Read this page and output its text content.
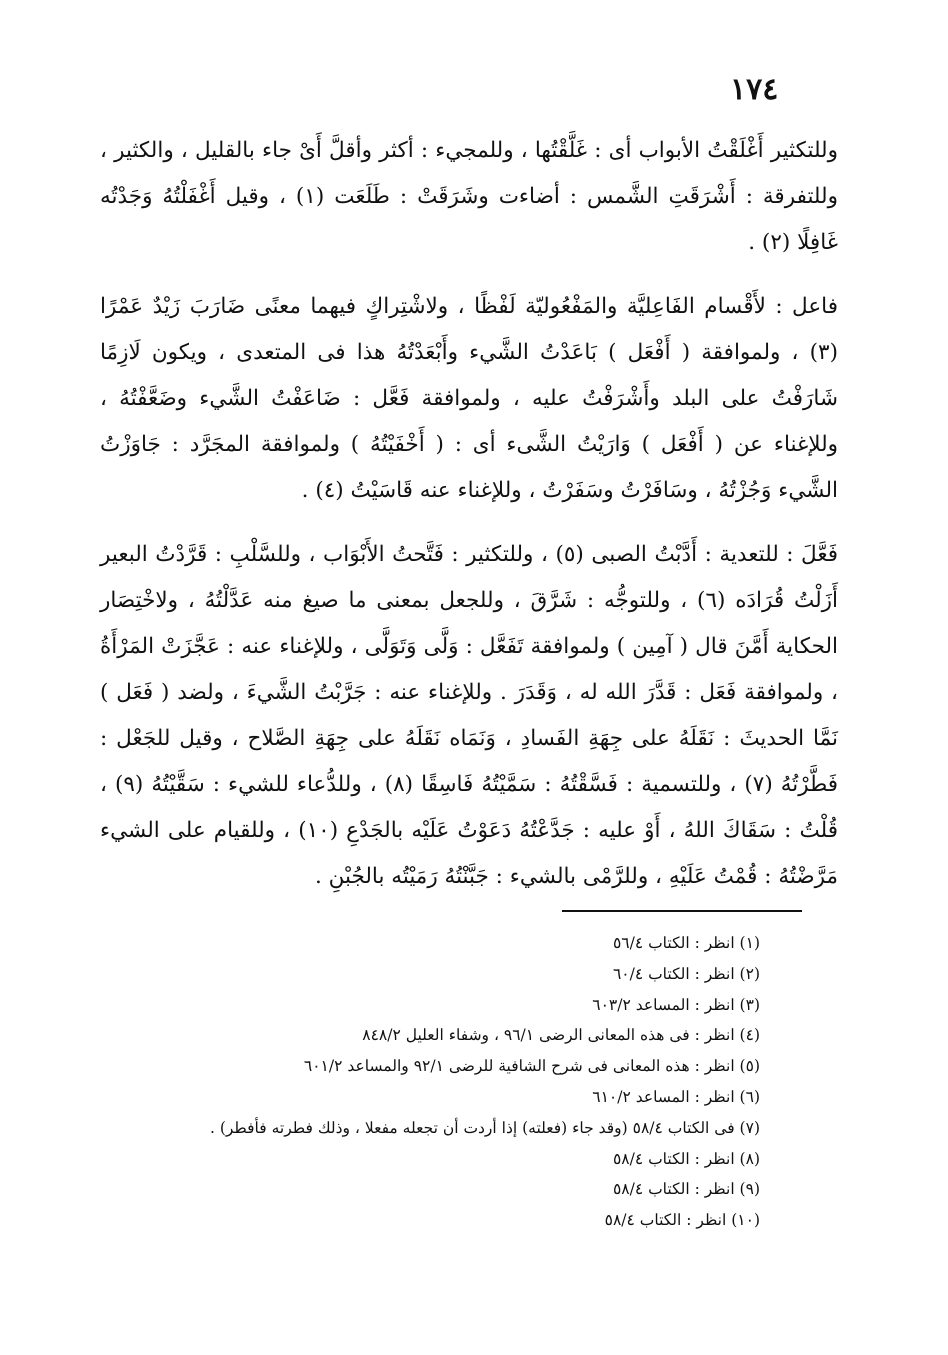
١٧٤

وللتكثير أَغْلَقْتُ الأبواب أى : غَلَّقْتُها ، وللمجيء : أكثر وأقلَّ أَىْ جاء بالقليل ، والكثير ، وللتفرقة : أَشْرَقَتِ الشَّمس : أضاءت وشَرَقَتْ : طَلَعَت (١) ، وقيل أَغْفَلْتُهُ وَجَدْتُه غَافِلًا (٢) .

فاعل : لأَقْسام الفَاعِليَّة والمَفْعُوليّة لَفْظًا ، ولاشْتِراكٍ فيهما معنًى ضَارَبَ زَيْدٌ عَمْرًا (٣) ، ولموافقة ( أَفْعَل ) بَاعَدْتُ الشَّيء وأَبْعَدْتُهُ هذا فى المتعدى ، ويكون لَازِمًا شَارَفْتُ على البلد وأَشْرَفْتُ عليه ، ولموافقة فَعَّل : ضَاعَفْتُ الشَّيء وضَعَّفْتُهُ ، وللإغناء عن ( أَفْعَل ) وَارَيْتُ الشَّىء أى : ( أَخْفَيْتُهُ ) ولموافقة المجَرَّد : جَاوَزْتُ الشَّيء وَجُزْتُهُ ، وسَافَرْتُ وسَفَرْتُ ، وللإغناء عنه قَاسَيْتُ (٤) .

فَعَّلَ : للتعدية : أَدَّبْتُ الصبى (٥) ، وللتكثير : فَتَّحتُ الأَبْوَاب ، وللسَّلْبِ : قَرَّدْتُ البعير أَزَلْتُ قُرَادَه (٦) ، وللتوجُّه : شَرَّقَ ، وللجعل بمعنى ما صيغ منه عَدَّلْتُهُ ، ولاخْتِصَار الحكاية أَمَّنَ قال ( آمِين ) ولموافقة تَفَعَّل : وَلَّى وَتَوَلَّى ، وللإغناء عنه : عَجَّزَتْ المَرْأَةُ ، ولموافقة فَعَل : قَدَّرَ الله له ، وَقَدَرَ . وللإغناء عنه : جَرَّبْتُ الشَّيءَ ، ولضد ( فَعَل ) نَمَّا الحديثَ : نَقَلَهُ على جِهَةِ الفَسادِ ، وَنَمَاه نَقَلَهُ على جِهَةِ الصَّلاح ، وقيل للجَعْل : فَطَّرْتُهُ (٧) ، وللتسمية : فَسَّقْتُهُ : سَمَّيْتُهُ فَاسِقًا (٨) ، وللدُّعاء للشيء : سَقَّيْتُهُ (٩) ، قُلْتُ : سَقَاكَ اللهُ ، أَوْ عليه : جَدَّعْتُهُ دَعَوْتُ عَلَيْه بالجَدْعِ (١٠) ، وللقيام على الشيء مَرَّضْتُهُ : قُمْتُ عَلَيْهِ ، وللرَّمْى بالشيء : جَبَّنْتُهُ رَمَيْتُه بالجُبْنِ .

(١) انظر : الكتاب ٥٦/٤
(٢) انظر : الكتاب ٦٠/٤
(٣) انظر : المساعد ٦٠٣/٢
(٤) انظر : فى هذه المعانى الرضى ٩٦/١ ، وشفاء العليل ٨٤٨/٢
(٥) انظر : هذه المعانى فى شرح الشافية للرضى ٩٢/١ والمساعد ٦٠١/٢
(٦) انظر : المساعد ٦١٠/٢
(٧) فى الكتاب ٥٨/٤ (وقد جاء (فعلته) إذا أردت أن تجعله مفعلا ، وذلك فطرته فأفطر) .
(٨) انظر : الكتاب ٥٨/٤
(٩) انظر : الكتاب ٥٨/٤
(١٠) انظر : الكتاب ٥٨/٤
